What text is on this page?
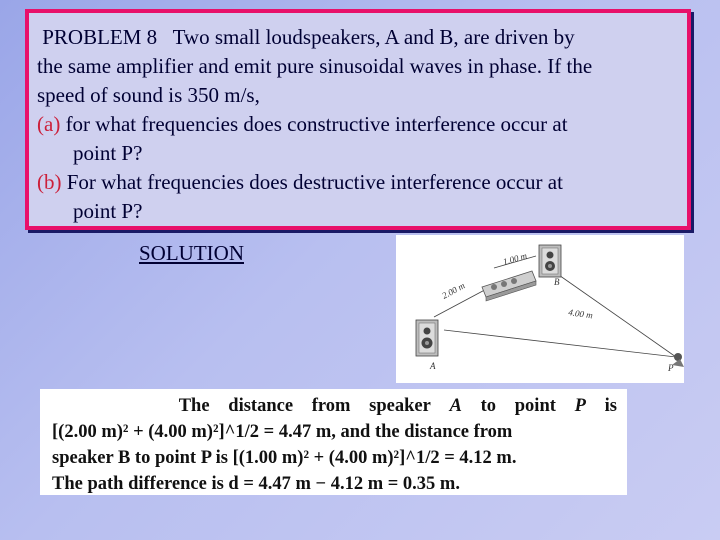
PROBLEM 8 Two small loudspeakers, A and B, are driven by

the same amplifier and emit pure sinusoidal waves in phase. If the

speed of sound is 350 m/s,

(a) for what frequencies does constructive interference occur at

point P?

(b) For what frequencies does destructive interference occur at

point P?

SOLUTION	1.00 m
2.00 m
4.00 m
A
B
P
The distance from speaker A to point P is
[(2.00 m)² + (4.00 m)²]^1/2 = 4.47 m, and the distance from
speaker B to point P is [(1.00 m)² + (4.00 m)²]^1/2 = 4.12 m.
The path difference is d = 4.47 m − 4.12 m = 0.35 m.
